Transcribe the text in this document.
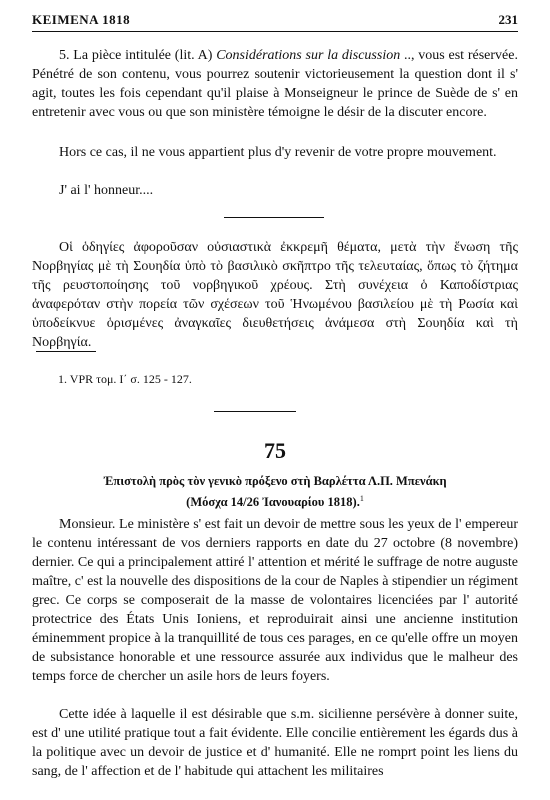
KEIMENA 1818	231

5. La pièce intitulée (lit. A) Considérations sur la discussion .., vous est réservée. Pénétré de son contenu, vous pourrez soutenir victorieusement la question dont il s' agit, toutes les fois cependant qu'il plaise à Monseigneur le prince de Suède de s' en entretenir avec vous ou que son ministère témoigne le désir de la discuter encore.

Hors ce cas, il ne vous appartient plus d'y revenir de votre propre mouvement.

J' ai l' honneur....

Οἱ ὁδηγίες ἀφοροῦσαν οὐσιαστικὰ ἐκκρεμῆ θέματα, μετὰ τὴν ἕνωση τῆς Νορβηγίας μὲ τὴ Σουηδία ὑπὸ τὸ βασιλικὸ σκῆπτρο τῆς τελευταίας, ὅπως τὸ ζήτημα τῆς ρευστοποίησης τοῦ νορβηγικοῦ χρέους. Στὴ συνέχεια ὁ Καποδίστριας ἀναφερόταν στὴν πορεία τῶν σχέσεων τοῦ Ἡνωμένου βασιλείου μὲ τὴ Ρωσία καὶ ὑποδείκνυε ὁρισμένες ἀναγκαῖες διευθετήσεις ἀνάμεσα στὴ Σουηδία καὶ τὴ Νορβηγία.

1. VPR τομ. Ι΄ σ. 125 - 127.

75

Ἐπιστολὴ πρὸς τὸν γενικὸ πρόξενο στὴ Βαρλέττα Λ.Π. Μπενάκη
(Μόσχα 14/26 Ἰανουαρίου 1818).$^1$

Monsieur. Le ministère s' est fait un devoir de mettre sous les yeux de l' empereur le contenu intéressant de vos derniers rapports en date du 27 octobre (8 novembre) dernier. Ce qui a principalement attiré l' attention et mérité le suffrage de notre auguste maître, c' est la nouvelle des dispositions de la cour de Naples à stipendier un régiment grec. Ce corps se composerait de la masse de volontaires licenciées par l' autorité protectrice des États Unis Ioniens, et reproduirait ainsi une ancienne institution éminemment propice à la tranquillité de tous ces parages, en ce qu'elle offre un moyen de subsistance honorable et une ressource assurée aux individus que le malheur des temps force de chercher un asile hors de leurs foyers.

Cette idée à laquelle il est désirable que s.m. sicilienne persévère à donner suite, est d' une utilité pratique tout a fait évidente. Elle concilie entièrement les égards dus à la politique avec un devoir de justice et d' humanité. Elle ne romprt point les liens du sang, de l' affection et de l' habitude qui attachent les militaires
